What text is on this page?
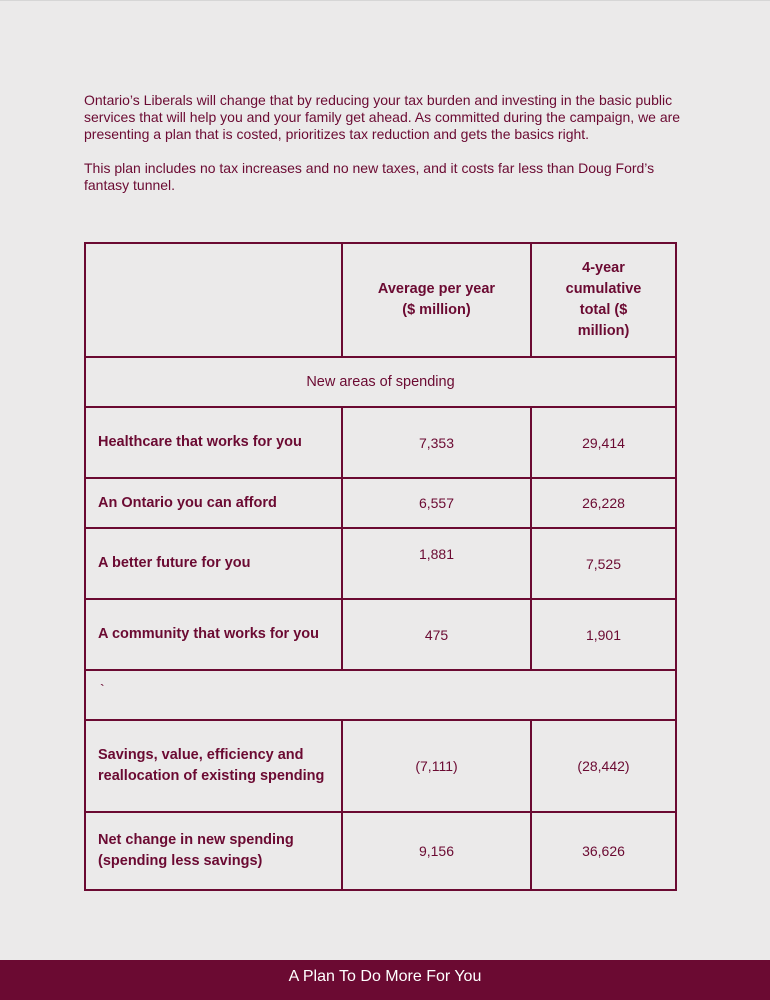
Ontario’s Liberals will change that by reducing your tax burden and investing in the basic public services that will help you and your family get ahead. As committed during the campaign, we are presenting a plan that is costed, prioritizes tax reduction and gets the basics right.

This plan includes no tax increases and no new taxes, and it costs far less than Doug Ford’s fantasy tunnel.

	Average per year ($ million)	4-year cumulative total ($ million)
New areas of spending		
Healthcare that works for you	7,353	29,414
An Ontario you can afford	6,557	26,228
A better future for you	1,881	7,525
A community that works for you	475	1,901
`		
Savings, value, efficiency and reallocation of existing spending	(7,111)	(28,442)
Net change in new spending (spending less savings)	9,156	36,626
A Plan To Do More For You
